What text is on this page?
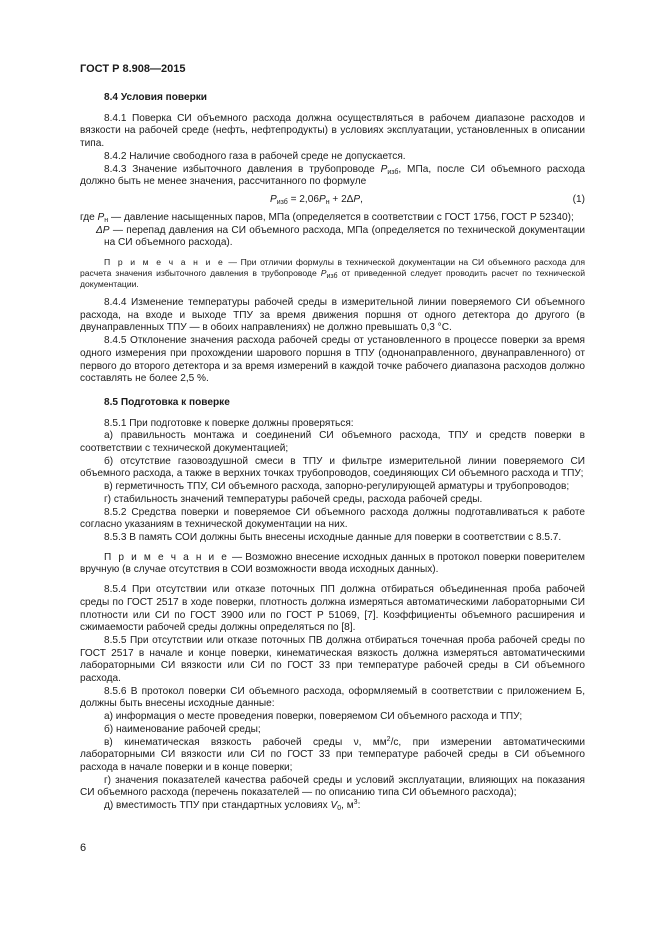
ГОСТ Р 8.908—2015
8.4 Условия поверки

8.4.1 Поверка СИ объемного расхода должна осуществляться в рабочем диапазоне расходов и вязкости на рабочей среде (нефть, нефтепродукты) в условиях эксплуатации, установленных в описании типа.

8.4.2 Наличие свободного газа в рабочей среде не допускается.

8.4.3 Значение избыточного давления в трубопроводе $P_{изб}$, МПа, после СИ объемного расхода должно быть не менее значения, рассчитанного по формуле

$P_{изб} = 2,06P_н + 2\Delta P$,	(1)

где $P_н$ — давление насыщенных паров, МПа (определяется в соответствии с ГОСТ 1756, ГОСТ Р 52340);

ΔP — перепад давления на СИ объемного расхода, МПа (определяется по технической документации на СИ объемного расхода).

П р и м е ч а н и е — При отличии формулы в технической документации на СИ объемного расхода для расчета значения избыточного давления в трубопроводе $P_{изб}$ от приведенной следует проводить расчет по технической документации.

8.4.4 Изменение температуры рабочей среды в измерительной линии поверяемого СИ объемного расхода, на входе и выходе ТПУ за время движения поршня от одного детектора до другого (в двунаправленных ТПУ — в обоих направлениях) не должно превышать 0,3 °С.

8.4.5 Отклонение значения расхода рабочей среды от установленного в процессе поверки за время одного измерения при прохождении шарового поршня в ТПУ (однонаправленного, двунаправленного) от первого до второго детектора и за время измерений в каждой точке рабочего диапазона расходов должно составлять не более 2,5 %.

8.5 Подготовка к поверке

8.5.1 При подготовке к поверке должны проверяться:

а) правильность монтажа и соединений СИ объемного расхода, ТПУ и средств поверки в соответствии с технической документацией;

б) отсутствие газовоздушной смеси в ТПУ и фильтре измерительной линии поверяемого СИ объемного расхода, а также в верхних точках трубопроводов, соединяющих СИ объемного расхода и ТПУ;

в) герметичность ТПУ, СИ объемного расхода, запорно-регулирующей арматуры и трубопроводов;

г) стабильность значений температуры рабочей среды, расхода рабочей среды.

8.5.2 Средства поверки и поверяемое СИ объемного расхода должны подготавливаться к работе согласно указаниям в технической документации на них.

8.5.3 В память СОИ должны быть внесены исходные данные для поверки в соответствии с 8.5.7.

П р и м е ч а н и е — Возможно внесение исходных данных в протокол поверки поверителем вручную (в случае отсутствия в СОИ возможности ввода исходных данных).

8.5.4 При отсутствии или отказе поточных ПП должна отбираться объединенная проба рабочей среды по ГОСТ 2517 в ходе поверки, плотность должна измеряться автоматическими лабораторными СИ плотности или СИ по ГОСТ 3900 или по ГОСТ Р 51069, [7]. Коэффициенты объемного расширения и сжимаемости рабочей среды должны определяться по [8].

8.5.5 При отсутствии или отказе поточных ПВ должна отбираться точечная проба рабочей среды по ГОСТ 2517 в начале и конце поверки, кинематическая вязкость должна измеряться автоматическими лабораторными СИ вязкости или СИ по ГОСТ 33 при температуре рабочей среды в СИ объемного расхода.

8.5.6 В протокол поверки СИ объемного расхода, оформляемый в соответствии с приложением Б, должны быть внесены исходные данные:

а) информация о месте проведения поверки, поверяемом СИ объемного расхода и ТПУ;

б) наименование рабочей среды;

в) кинематическая вязкость рабочей среды ν, $мм^2/с$, при измерении автоматическими лабораторными СИ вязкости или СИ по ГОСТ 33 при температуре рабочей среды в СИ объемного расхода в начале поверки и в конце поверки;

г) значения показателей качества рабочей среды и условий эксплуатации, влияющих на показания СИ объемного расхода (перечень показателей — по описанию типа СИ объемного расхода);

д) вместимость ТПУ при стандартных условиях $V_0$, $м^3$:

6
